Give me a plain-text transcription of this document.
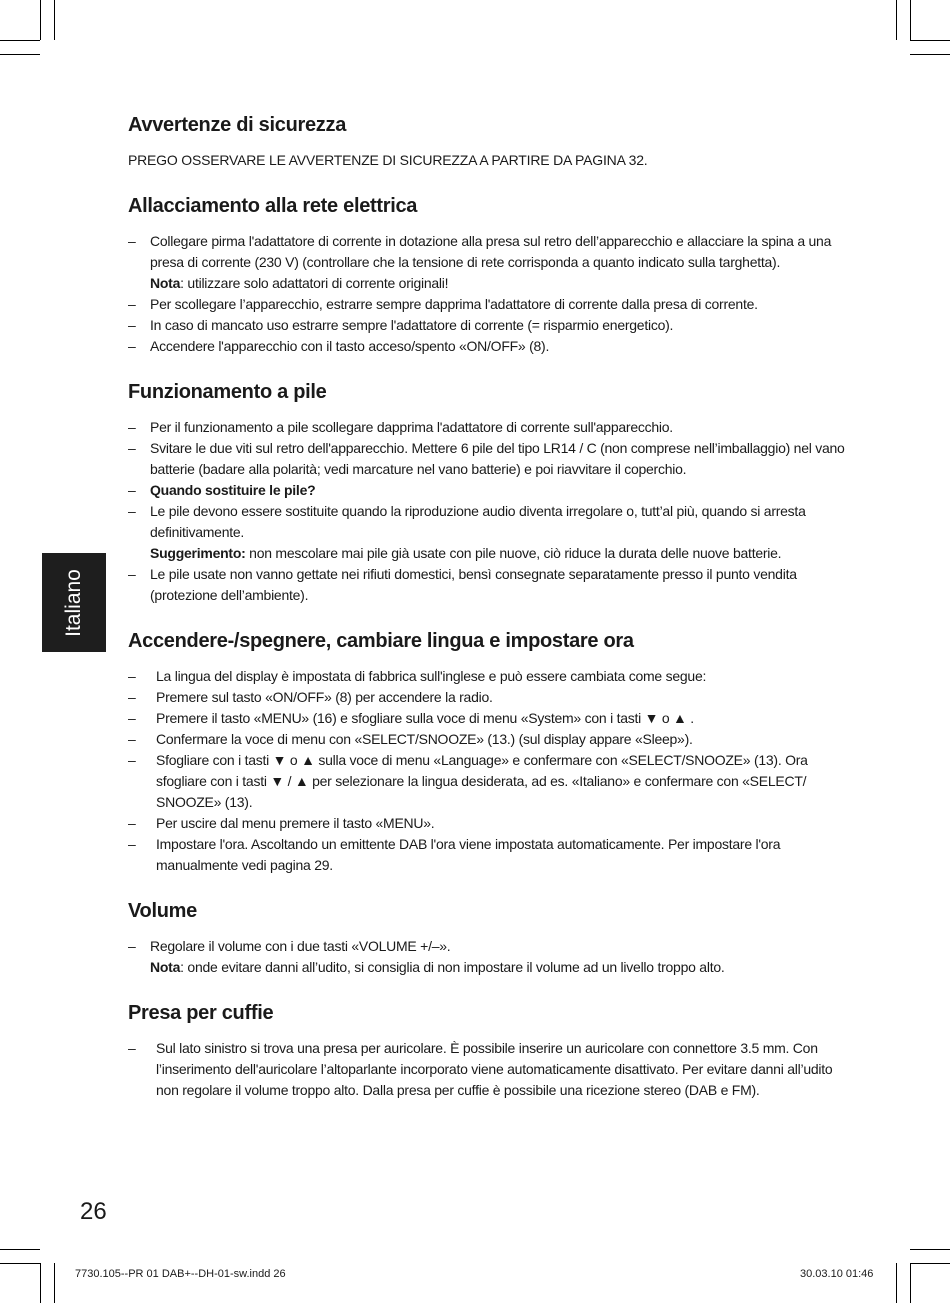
Italiano
Avvertenze di sicurezza

PREGO OSSERVARE LE AVVERTENZE DI SICUREZZA A PARTIRE DA PAGINA 32.

Allacciamento alla rete elettrica
– Collegare pirma l'adattatore di corrente in dotazione alla presa sul retro dell’apparecchio e allacciare la spina a una presa di corrente (230 V) (controllare che la tensione di rete corrisponda a quanto indicato sulla targhetta).
Nota: utilizzare solo adattatori di corrente originali!
– Per scollegare l’apparecchio, estrarre sempre dapprima l'adattatore di corrente dalla presa di corrente.
– In caso di mancato uso estrarre sempre l'adattatore di corrente (= risparmio energetico).
– Accendere l'apparecchio con il tasto acceso/spento «ON/OFF» (8).
Funzionamento a pile
– Per il funzionamento a pile scollegare dapprima l'adattatore di corrente sull'apparecchio.
– Svitare le due viti sul retro dell'apparecchio. Mettere 6 pile del tipo LR14 / C (non comprese nell’imballaggio) nel vano batterie (badare alla polarità; vedi marcature nel vano batterie) e poi riavvitare il coperchio.
– Quando sostituire le pile?
– Le pile devono essere sostituite quando la riproduzione audio diventa irregolare o, tutt’al più, quando si arresta definitivamente.
Suggerimento: non mescolare mai pile già usate con pile nuove, ciò riduce la durata delle nuove batterie.
– Le pile usate non vanno gettate nei rifiuti domestici, bensì consegnate separatamente presso il punto vendita (protezione dell’ambiente).
Accendere-/spegnere, cambiare lingua e impostare ora
– La lingua del display è impostata di fabbrica sull'inglese e può essere cambiata come segue:
– Premere sul tasto «ON/OFF» (8) per accendere la radio.
– Premere il tasto «MENU» (16) e sfogliare sulla voce di menu «System» con i tasti ▼ o ▲ .
– Confermare la voce di menu con «SELECT/SNOOZE» (13.) (sul display appare «Sleep»).
– Sfogliare con i tasti ▼ o ▲ sulla voce di menu «Language» e confermare con «SELECT/SNOOZE» (13). Ora sfogliare con i tasti ▼ / ▲ per selezionare la lingua desiderata, ad es. «Italiano» e confermare con «SELECT/ SNOOZE» (13).
– Per uscire dal menu premere il tasto «MENU».
– Impostare l'ora. Ascoltando un emittente DAB l'ora viene impostata automaticamente. Per impostare l'ora manualmente vedi pagina 29.
Volume
– Regolare il volume con i due tasti «VOLUME +/–».
Nota: onde evitare danni all’udito, si consiglia di non impostare il volume ad un livello troppo alto.
Presa per cuffie
– Sul lato sinistro si trova una presa per auricolare. È possibile inserire un auricolare con connettore 3.5 mm. Con l’inserimento dell'auricolare l’altoparlante incorporato viene automaticamente disattivato. Per evitare danni all’udito non regolare il volume troppo alto. Dalla presa per cuffie è possibile una ricezione stereo (DAB e FM).
26
7730.105--PR 01 DAB+--DH-01-sw.indd 26	30.03.10 01:46
